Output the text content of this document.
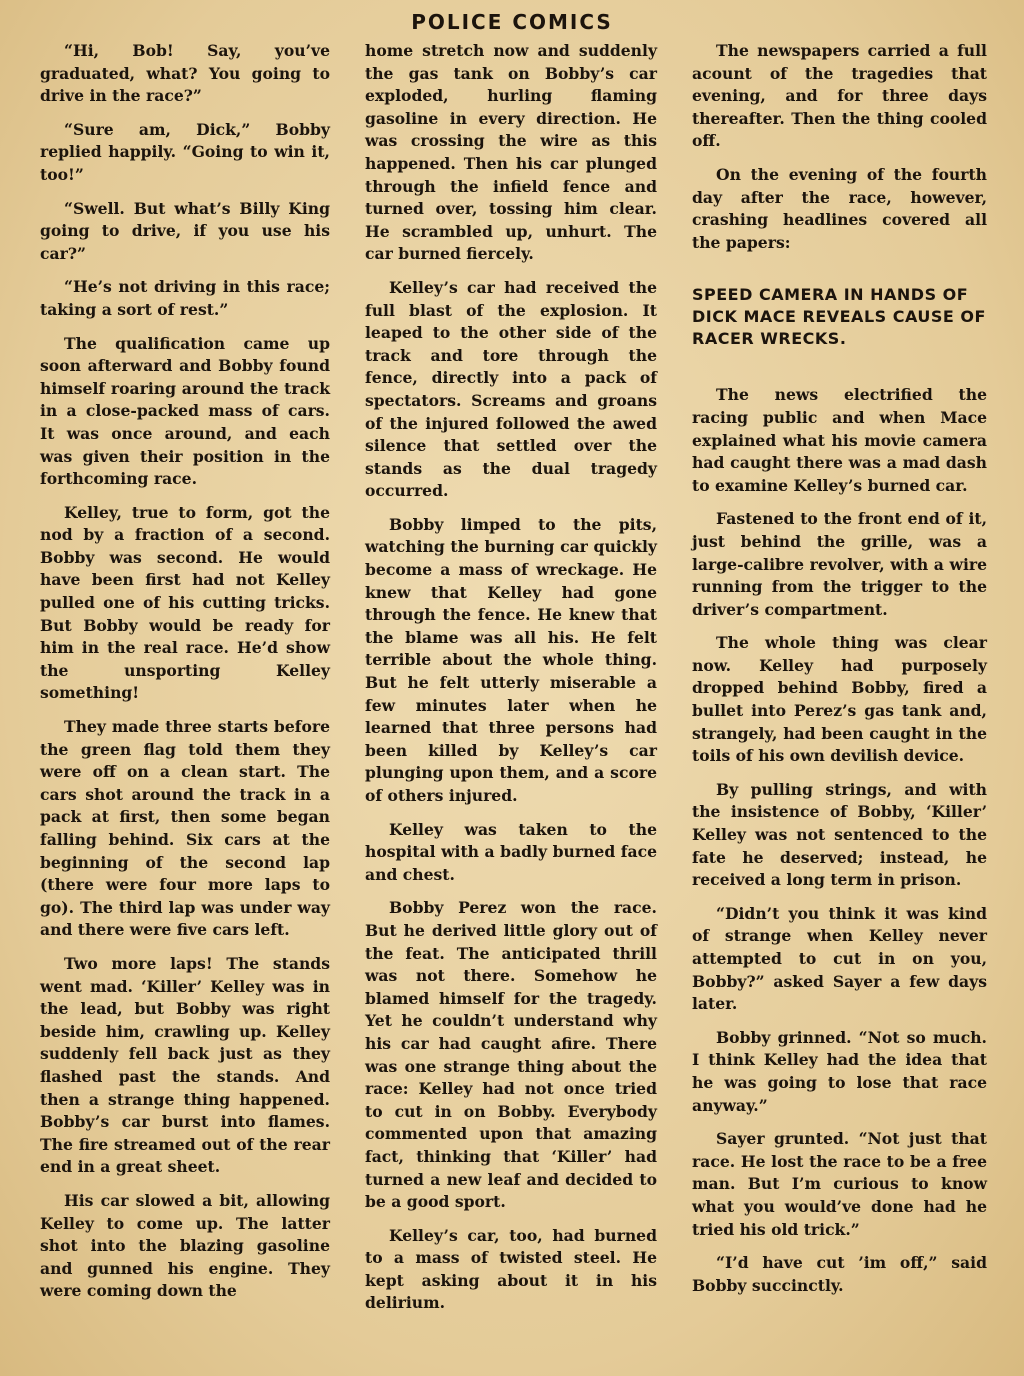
POLICE COMICS

“Hi, Bob! Say, you’ve graduated, what? You going to drive in the race?”

“Sure am, Dick,” Bobby replied happily. “Going to win it, too!”

“Swell. But what’s Billy King going to drive, if you use his car?”

“He’s not driving in this race; taking a sort of rest.”

The qualification came up soon afterward and Bobby found himself roaring around the track in a close-packed mass of cars. It was once around, and each was given their position in the forthcoming race.

Kelley, true to form, got the nod by a fraction of a second. Bobby was second. He would have been first had not Kelley pulled one of his cutting tricks. But Bobby would be ready for him in the real race. He’d show the unsporting Kelley something!

They made three starts before the green flag told them they were off on a clean start. The cars shot around the track in a pack at first, then some began falling behind. Six cars at the beginning of the second lap (there were four more laps to go). The third lap was under way and there were five cars left.

Two more laps! The stands went mad. ‘Killer’ Kelley was in the lead, but Bobby was right beside him, crawling up. Kelley suddenly fell back just as they flashed past the stands. And then a strange thing happened. Bobby’s car burst into flames. The fire streamed out of the rear end in a great sheet.

His car slowed a bit, allowing Kelley to come up. The latter shot into the blazing gasoline and gunned his engine. They were coming down the

home stretch now and suddenly the gas tank on Bobby’s car exploded, hurling flaming gasoline in every direction. He was crossing the wire as this happened. Then his car plunged through the infield fence and turned over, tossing him clear. He scrambled up, unhurt. The car burned fiercely.

Kelley’s car had received the full blast of the explosion. It leaped to the other side of the track and tore through the fence, directly into a pack of spectators. Screams and groans of the injured followed the awed silence that settled over the stands as the dual tragedy occurred.

Bobby limped to the pits, watching the burning car quickly become a mass of wreckage. He knew that Kelley had gone through the fence. He knew that the blame was all his. He felt terrible about the whole thing. But he felt utterly miserable a few minutes later when he learned that three persons had been killed by Kelley’s car plunging upon them, and a score of others injured.

Kelley was taken to the hospital with a badly burned face and chest.

Bobby Perez won the race. But he derived little glory out of the feat. The anticipated thrill was not there. Somehow he blamed himself for the tragedy. Yet he couldn’t understand why his car had caught afire. There was one strange thing about the race: Kelley had not once tried to cut in on Bobby. Everybody commented upon that amazing fact, thinking that ‘Killer’ had turned a new leaf and decided to be a good sport.

Kelley’s car, too, had burned to a mass of twisted steel. He kept asking about it in his delirium.

The newspapers carried a full acount of the tragedies that evening, and for three days thereafter. Then the thing cooled off.

On the evening of the fourth day after the race, however, crashing headlines covered all the papers:

SPEED CAMERA IN HANDS OF DICK MACE REVEALS CAUSE OF RACER WRECKS.

The news electrified the racing public and when Mace explained what his movie camera had caught there was a mad dash to examine Kelley’s burned car.

Fastened to the front end of it, just behind the grille, was a large-calibre revolver, with a wire running from the trigger to the driver’s compartment.

The whole thing was clear now. Kelley had purposely dropped behind Bobby, fired a bullet into Perez’s gas tank and, strangely, had been caught in the toils of his own devilish device.

By pulling strings, and with the insistence of Bobby, ‘Killer’ Kelley was not sentenced to the fate he deserved; instead, he received a long term in prison.

“Didn’t you think it was kind of strange when Kelley never attempted to cut in on you, Bobby?” asked Sayer a few days later.

Bobby grinned. “Not so much. I think Kelley had the idea that he was going to lose that race anyway.”

Sayer grunted. “Not just that race. He lost the race to be a free man. But I’m curious to know what you would’ve done had he tried his old trick.”

“I’d have cut ’im off,” said Bobby succinctly.
